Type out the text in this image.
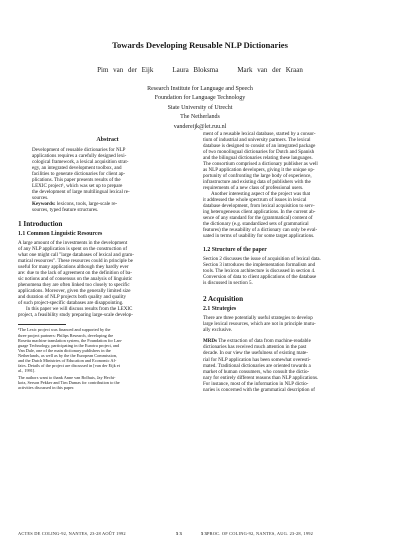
Towards Developing Reusable NLP Dictionaries
Pim van der Eijk	Laura Bloksma	Mark van der Kraan
Research Institute for Language and Speech
Foundation for Language Technology
State University of Utrecht
The Netherlands
vandereijk@let.ruu.nl
Abstract
Development of reusable dictionaries for NLP
applications requires a carefully designed lexi-
cological framework, a lexical acquisition strat-
egy, an integrated development toolbox, and
facilities to generate dictionaries for client ap-
plications. This paper presents results of the
LEXIC project¹, which was set up to prepare
the development of large multilingual lexical re-
sources.
Keywords: lexicons, tools, large-scale re-
sources, typed feature structures.
1 Introduction
1.1 Common Linguistic Resources
A large amount of the investments in the development
of any NLP application is spent on the construction of
what one might call "large databases of lexical and gram-
matical resources". These resources could in principle be
useful for many applications although they hardly ever
are: due to the lack of agreement on the definition of ba-
sic notions and of consensus on the analysis of linguistic
phenomena they are often linked too closely to specific
applications. Moreover, given the generally limited size
and duration of NLP projects both quality and quality
of such project-specific databases are disappointing.
In this paper we will discuss results from the LEXIC
project, a feasibility study preparing large-scale develop-
¹The Lexic project was financed and supported by the
three project partners: Philips Research, developing the
Rosetta machine translation system, the Foundation for Lan-
guage Technology, participating in the Eurotra project, and
Van Dale, one of the main dictionary publishers in the
Netherlands, as well as by the the European Commission,
and the Dutch Ministries of Education and Economic Af-
fairs. Details of the project are discussed in [van der Eijk et
al., 1991].
The authors want to thank Anne van Bolhuis, Jay Hecht-
kotz, Serson Pekker and Tim Dumas for contribution to the
activities discussed in this paper.
ment of a reusable lexical database, started by a consor-
tium of industrial and university partners. The lexical
database is designed to consist of an integrated package
of two monolingual dictionaries for Dutch and Spanish
and the bilingual dictionaries relating these languages.
The consortium comprised a dictionary publisher as well
as NLP application developers, giving it the unique op-
portunity of confronting the large body of experience,
infrastructure and existing data of publishers with the
requirements of a new class of professional users.
Another interesting aspect of the project was that
it addressed the whole spectrum of issues in lexical
database development, from lexical acquisition to serv-
ing heterogeneous client applications. In the current ab-
sence of any standard for the (grammatical) content of
the dictionary (e.g. standardized sets of grammatical
features) the reusability of a dictionary can only be eval-
uated in terms of usability for some target applications.
1.2 Structure of the paper
Section 2 discusses the issue of acquisition of lexical data.
Section 3 introduces the implementation formalism and
tools. The lexicon architecture is discussed in section 4.
Conversion of data to client applications of the database
is discussed in section 5.
2 Acquisition
2.1 Strategies
There are three potentially useful strategies to develop
large lexical resources, which are not in principle mutu-
ally exclusive.
MRDs The extraction of data from machine-readable
dictionaries has received much attention in the past
decade. In our view the usefulness of existing mate-
rial for NLP application has been somewhat overesti-
mated. Traditional dictionaries are oriented towards a
market of human consumers, who consult the dictio-
nary for entirely different reasons than NLP applications.
For instance, most of the information in NLP dictio-
naries is concerned with the grammatical description of
ACTES DE COLING-92, NANTES, 23-28 AOÛT 1992	5 3	5 3 PROC. OF COLING-92, NANTES, AUG. 23-28, 1992
